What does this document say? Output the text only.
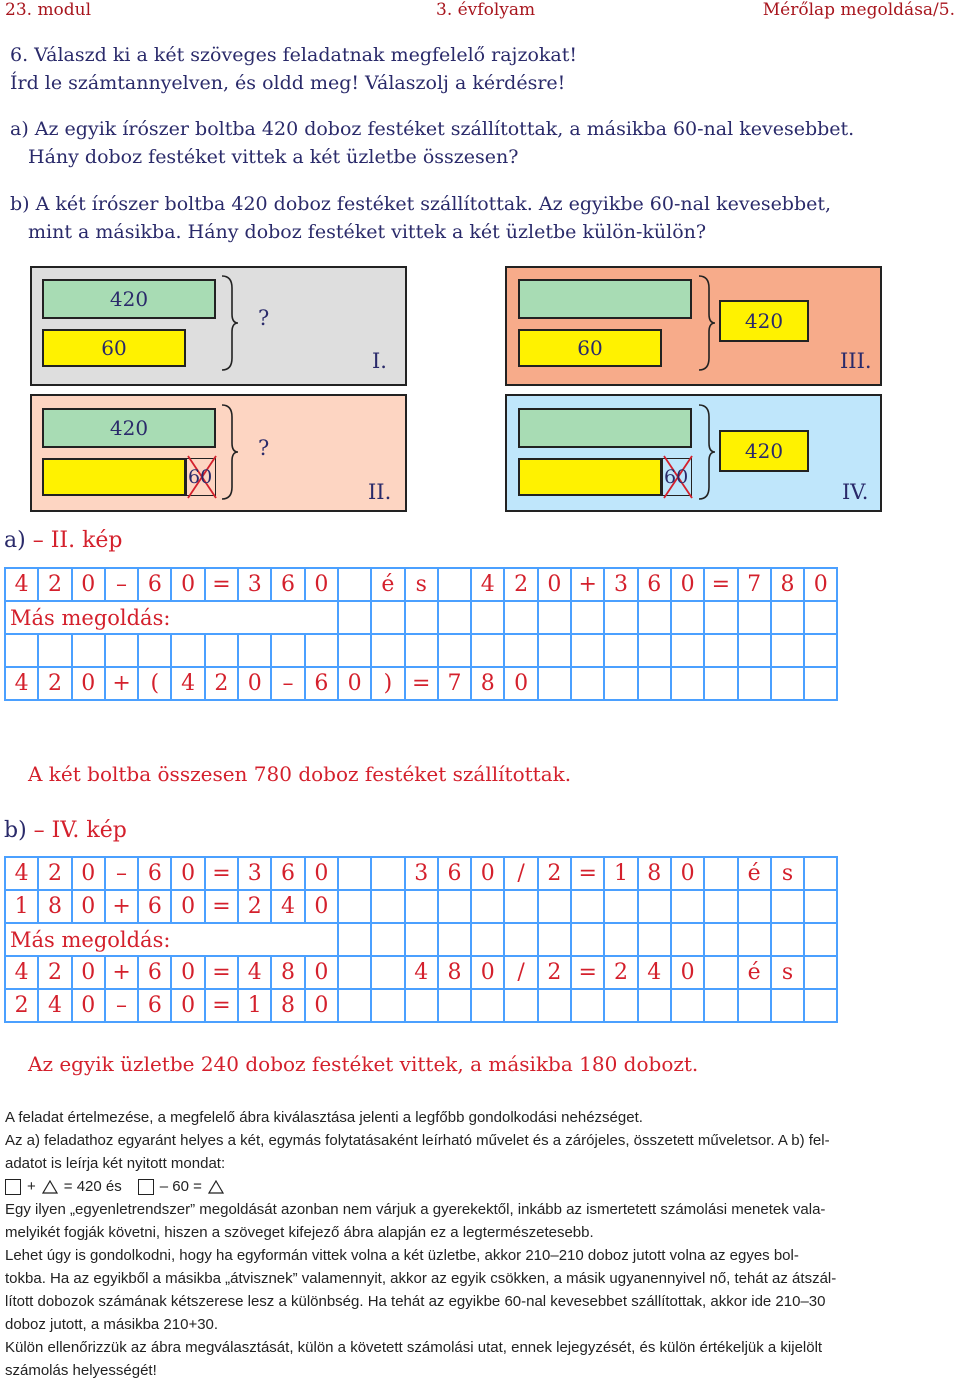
23. modul	3. évfolyam	Mérőlap megoldása/5.
6. Válaszd ki a két szöveges feladatnak megfelelő rajzokat!
Írd le számtannyelven, és oldd meg! Válaszolj a kérdésre!
a) Az egyik írószer boltba 420 doboz festéket szállítottak, a másikba 60-nal kevesebbet.
Hány doboz festéket vittek a két üzletbe összesen?
b) A két írószer boltba 420 doboz festéket szállítottak. Az egyikbe 60-nal kevesebbet,
mint a másikba. Hány doboz festéket vittek a két üzletbe külön-külön?
420
60
?
I.
60
420
III.
420
60
?
II.
60
420
IV.
a) – II. kép
4	2	0	–	6	0	=	3	6	0		é	s		4	2	0	+	3	6	0	=	7	8	0
Más megoldás:																								

4	2	0	+	(	4	2	0	–	6	0	)	=	7	8	0									
A két boltba összesen 780 doboz festéket szállítottak.
b) – IV. kép
4	2	0	–	6	0	=	3	6	0			3	6	0	/	2	=	1	8	0		é	s	
1	8	0	+	6	0	=	2	4	0															
Más megoldás:																								
4	2	0	+	6	0	=	4	8	0			4	8	0	/	2	=	2	4	0		é	s	
2	4	0	–	6	0	=	1	8	0															
Az egyik üzletbe 240 doboz festéket vittek, a másikba 180 dobozt.
A feladat értelmezése, a megfelelő ábra kiválasztása jelenti a legfőbb gondolkodási nehézséget.
Az a) feladathoz egyaránt helyes a két, egymás folytatásaként leírható művelet és a zárójeles, összetett műveletsor. A b) fel-
adatot is leírja két nyitott mondat:
+ = 420 és	– 60 =
Egy ilyen „egyenletrendszer” megoldását azonban nem várjuk a gyerekektől, inkább az ismertetett számolási menetek vala-
melyikét fogják követni, hiszen a szöveget kifejező ábra alapján ez a legtermészetesebb.
Lehet úgy is gondolkodni, hogy ha egyformán vittek volna a két üzletbe, akkor 210–210 doboz jutott volna az egyes bol-
tokba. Ha az egyikből a másikba „átvisznek” valamennyit, akkor az egyik csökken, a másik ugyanennyivel nő, tehát az átszál-
lított dobozok számának kétszerese lesz a különbség. Ha tehát az egyikbe 60-nal kevesebbet szállítottak, akkor ide 210–30
doboz jutott, a másikba 210+30.
Külön ellenőrizzük az ábra megválasztását, külön a követett számolási utat, ennek lejegyzését, és külön értékeljük a kijelölt
számolás helyességét!
